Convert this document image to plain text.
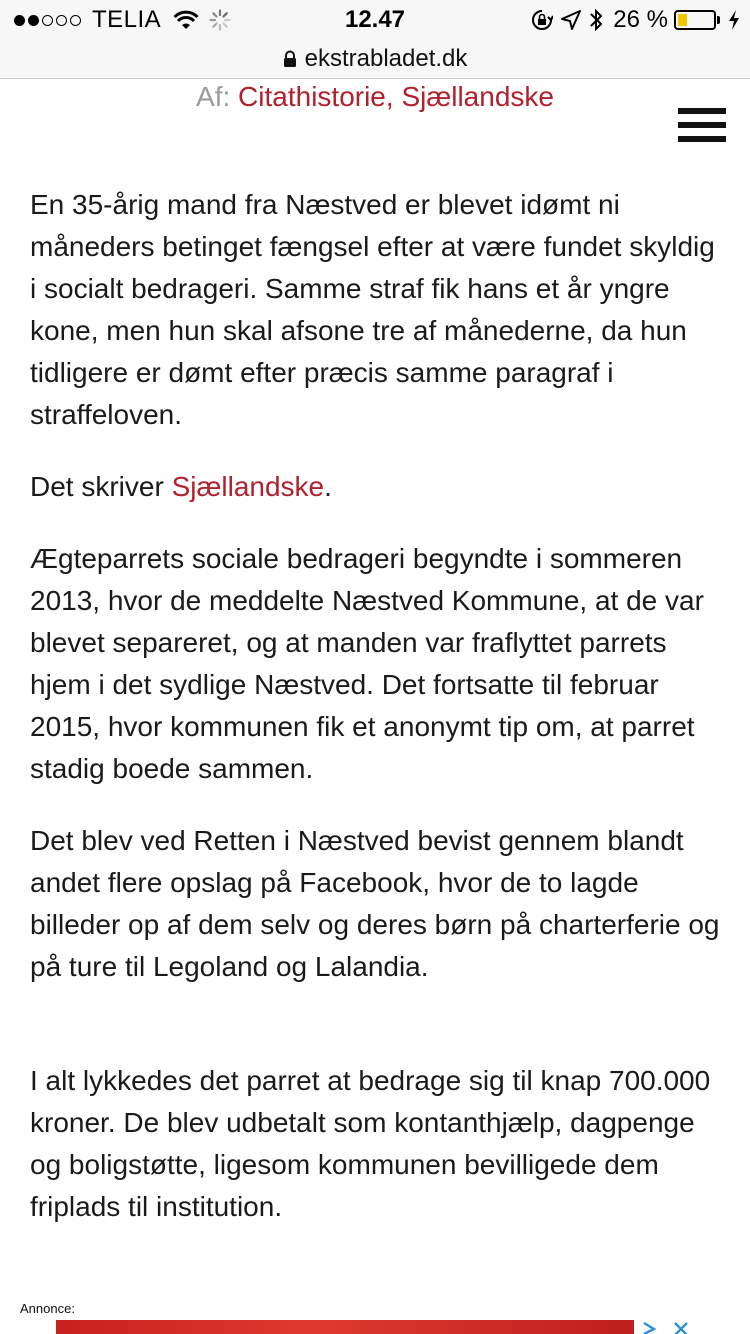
TELIA	12.47	26 %
ekstrabladet.dk
Af: Citathistorie, Sjællandske

En 35-årig mand fra Næstved er blevet idømt ni måneders betinget fængsel efter at være fundet skyldig i socialt bedrageri. Samme straf fik hans et år yngre kone, men hun skal afsone tre af månederne, da hun tidligere er dømt efter præcis samme paragraf i straffeloven.

Det skriver Sjællandske.

Ægteparrets sociale bedrageri begyndte i sommeren 2013, hvor de meddelte Næstved Kommune, at de var blevet separeret, og at manden var fraflyttet parrets hjem i det sydlige Næstved. Det fortsatte til februar 2015, hvor kommunen fik et anonymt tip om, at parret stadig boede sammen.

Det blev ved Retten i Næstved bevist gennem blandt andet flere opslag på Facebook, hvor de to lagde billeder op af dem selv og deres børn på charterferie og på ture til Legoland og Lalandia.

I alt lykkedes det parret at bedrage sig til knap 700.000 kroner. De blev udbetalt som kontanthjælp, dagpenge og boligstøtte, ligesom kommunen bevilligede dem friplads til institution.

Annonce:
